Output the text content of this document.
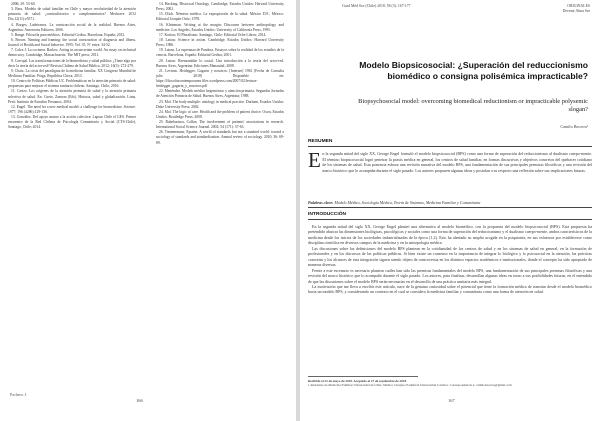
2006; 29: 53-60.

3. Bass. Modelo de salud familiar en Chile y mayor resolutividad de la atención primaria de salud: ¿contradictorios o complementarios? Medwave 2012 Dic;12(11):e5571.

4. Borges, Ladeiranos. La construcción social de la realidad. Buenos Aires, Argentina: Amorrortu Editores; 2006.

5. Bunge. Filosofía para médicos. Editorial Gedisa. Barcelona, España; 2012.

6. Brown. Naming and framing: the social construction of diagnosis and illness. Journal of Health and Social behavior. 1995; Vol. 35, Nº extra: 34-52.

7. Calva J. La cocinera. Barlow. Acting in an uncertain world. An essay on technical democracy. Cambridge, Massachusetts: The MIT press; 2011.

8. Carvajal. Las transformaciones de la biomedicina y salud pública: ¿Tiene algo por decir la teoría del actor-red? Revista Chilena de Salud Pública. 2012; 16(3): 272-279.

9. Chaix. La crisis del paradigma de la medicina familiar. XX Congreso Mundial de Medicina Familiar. Praga, República Checa; 2013.

10. Centro de Políticas Públicas UC. Problemáticas en la atención primaria de salud: propuestas para mejorar el sistema sanitario chileno. Santiago, Chile; 2016.

11. Castro. Los orígenes de la atención primaria de salud y la atención primaria selectiva de salud. En: Cueto, Zamora (Eds). Historia, salud y globalización. Lima, Perú: Instituto de Estudios Peruanos; 2004.

12. Engel. The need for a new medical model: a challenge for biomedicine. Science. 1977; 196 (4286):129-136.

13. González. Del apoyo mutuo a la acción colectiva: Lapsus Chile el GES. Primer encuentro de la Red Chilena de Psicología Comunitaria y Social (CTS-Chile), Santiago, Chile; 2014.

14. Hacking. Historical Ontology. Cambridge, Estados Unidos: Harvard University Press; 2002.

15. Illich. Némesis médica. La expropiación de la salud. México D.F., México: Editorial Joaquín Ortiz; 1978.

16. Kleinman. Writing at the margin: Discourse between anthropology and medicine. Los Angeles, Estados Unidos: University of California Press; 1995.

17. Kottow, El Pluralismo. Santiago, Chile: Editorial Oche Libros; 2014.

18. Latour. Science in action. Cambridge, Estados Unidos: Harvard University Press; 1986.

19. Latour. La esperanza de Pandora. Ensayos sobre la realidad de los estudios de la ciencia. Barcelona, España: Editorial Gedisa; 2001.

20. Latour. Reensamblar lo social. Una introducción a la teoría del actor-red. Buenos Aires, Argentina: Ediciones Manantial; 2008.

21. Levinas. Heidegger, Gagarin y nosotros. [Internet] 1961 [Fecha de Consulta julio 2018] Disponible en: https://filosofiacontemporanea.files.wordpress.com/2007/02/levinas-heidegger_gagarin_y_nosotros.pdf

22. Menéndez. Modelo médico hegemónico y atención primaria. Segundas Jornadas de Atención Primaria de Salud. Buenos Aires, Argentina; 1988.

23. Mol. The body multiple: ontology in medical practice. Durham, Estados Unidos: Duke University Press; 2002.

24. Mol. The logic of care. Health and the problem of patient choice. Oxon, Estados Unidos: Routledge Press; 2008.

25. Rabeharisoa, Callon. The involvement of patients' associations in research. International Social Science Journal. 2002; 54 (171): 57-63.

26. Timmermans, Epstein. A world of standards but not a standard world: toward a sociology of standards and standardization. Annual review of sociology. 2010; 36: 69-89.

Pacheco J.
166
Cuad Méd Soc (Chile) 2018, 58 (3): 167-177	ORIGINALES
Devenir Alma Sra
Modelo Biopsicosocial: ¿Superación del reduccionismo biomédico o consigna polisémica impracticable?
Biopsychosocial model: overcoming biomedical reductionism or impracticable polysemic slogan?
Camilo Becerra¹
RESUMEN
E n la segunda mitad del siglo XX, George Engel formuló el modelo biopsicosocial (BPS) como una forma de superación del reduccionismo al dualismo cuerpo-mente. El término biopsicosocial logró penetrar la praxis médica en general, los centros de salud familiar, en formas discursivas y objetivos concretos del quehacer cotidiano de los sistemas de salud. Esta ponencia esboza una revisión narrativa del modelo BPS, una fundamentación de sus principales premisas filosóficas y una revisión del marco histórico que lo acompaña durante el siglo pasado. Los autores proponen algunas ideas y postulan a su respecto una reflexión sobre sus implicaciones futuras.
Palabras clave: Modelo Médico, Sociología Médica, Teoría de Sistemas, Medicina Familiar y Comunitaria
INTRODUCCIÓN

En la segunda mitad del siglo XX, George Engel planteó una alternativa al modelo biomédico, con la propuesta del modelo biopsicosocial (BPS). Esta propuesta ha pretendido abarcar las dimensiones biológicas, psicológicas y sociales como una forma de superación del reduccionismo y el dualismo cuerpo-mente, ambos característicos de la medicina desde los inicios de los sociedades industrializadas de la época (1,2). Esto ha alentado su amplia acogida en la psiquiatría, en sus esfuerzos por establecerse como disciplina científica en diversos campos de la medicina y en la antropología médica.

Las discusiones sobre las definiciones del modelo BPS plantean en la cotidianidad de los centros de salud y en los sistemas de salud en general, en la formación de profesionales y en los discursos de las políticas públicas. Si bien existe un consenso en la importancia de integrar lo biológico y lo psicosocial en la atención, las prácticas concretas y los alcances de esta integración siguen siendo objeto de controversia en los distintos espacios académicos e institucionales, donde el concepto ha sido apropiado de maneras diversas.

Frente a este escenario es necesario plantear cuáles han sido las premisas fundamentales del modelo BPS, una fundamentación de sus principales premisas filosóficas y una revisión del marco histórico que lo acompañó durante el siglo pasado. Los autores, para finalizar, desarrollan algunas ideas en torno a sus posibilidades futuras, en el entendido de que las discusiones sobre el modelo BPS serán necesarias en el desarrollo de una práctica sanitaria más integral.

La motivación que me lleva a escribir este artículo, nace de la genuina curiosidad sobre el potencial que tiene la formación médica de transitar desde el modelo biomédico hacia un modelo BPS, y considerando un contexto en el cual se considera la medicina familiar y comunitaria como una forma de atención en salud.

Recibido el 22 de mayo de 2018. Aceptado el 27 de septiembre de 2018.
1 Residente de Medicina Familiar Universidad de Chile. Médico Cirujano Pontificia Universidad Católica. Correspondencia a: camilobecerra@gmail.com
167
